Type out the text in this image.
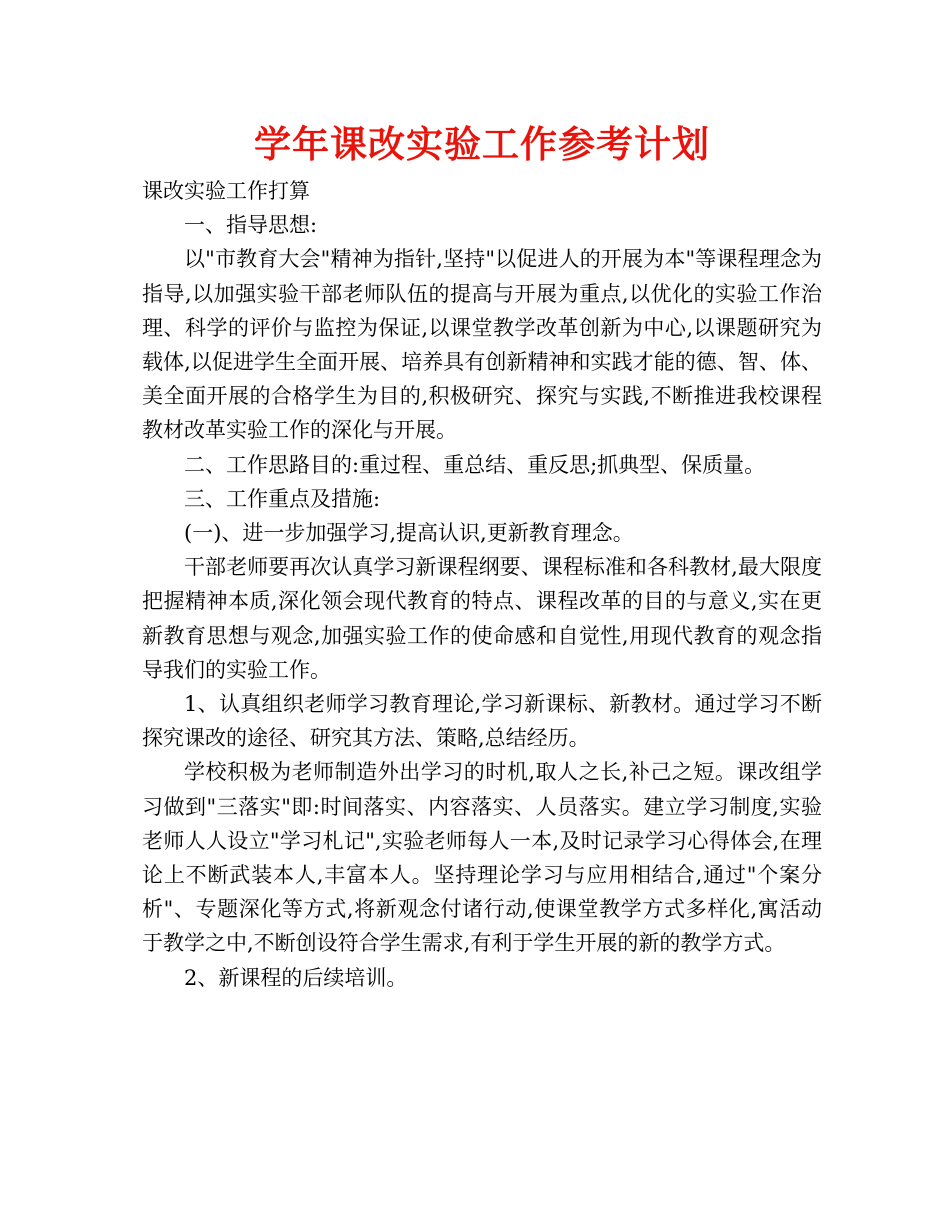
学年课改实验工作参考计划

课改实验工作打算

一、指导思想:

以"市教育大会"精神为指针,坚持"以促进人的开展为本"等课程理念为指导,以加强实验干部老师队伍的提高与开展为重点,以优化的实验工作治理、科学的评价与监控为保证,以课堂教学改革创新为中心,以课题研究为载体,以促进学生全面开展、培养具有创新精神和实践才能的德、智、体、美全面开展的合格学生为目的,积极研究、探究与实践,不断推进我校课程教材改革实验工作的深化与开展。

二、工作思路目的:重过程、重总结、重反思;抓典型、保质量。

三、工作重点及措施:

(一)、进一步加强学习,提高认识,更新教育理念。

干部老师要再次认真学习新课程纲要、课程标准和各科教材,最大限度把握精神本质,深化领会现代教育的特点、课程改革的目的与意义,实在更新教育思想与观念,加强实验工作的使命感和自觉性,用现代教育的观念指导我们的实验工作。

1、认真组织老师学习教育理论,学习新课标、新教材。通过学习不断探究课改的途径、研究其方法、策略,总结经历。

学校积极为老师制造外出学习的时机,取人之长,补己之短。课改组学习做到"三落实"即:时间落实、内容落实、人员落实。建立学习制度,实验老师人人设立"学习札记",实验老师每人一本,及时记录学习心得体会,在理论上不断武装本人,丰富本人。坚持理论学习与应用相结合,通过"个案分析"、专题深化等方式,将新观念付诸行动,使课堂教学方式多样化,寓活动于教学之中,不断创设符合学生需求,有利于学生开展的新的教学方式。

2、新课程的后续培训。
